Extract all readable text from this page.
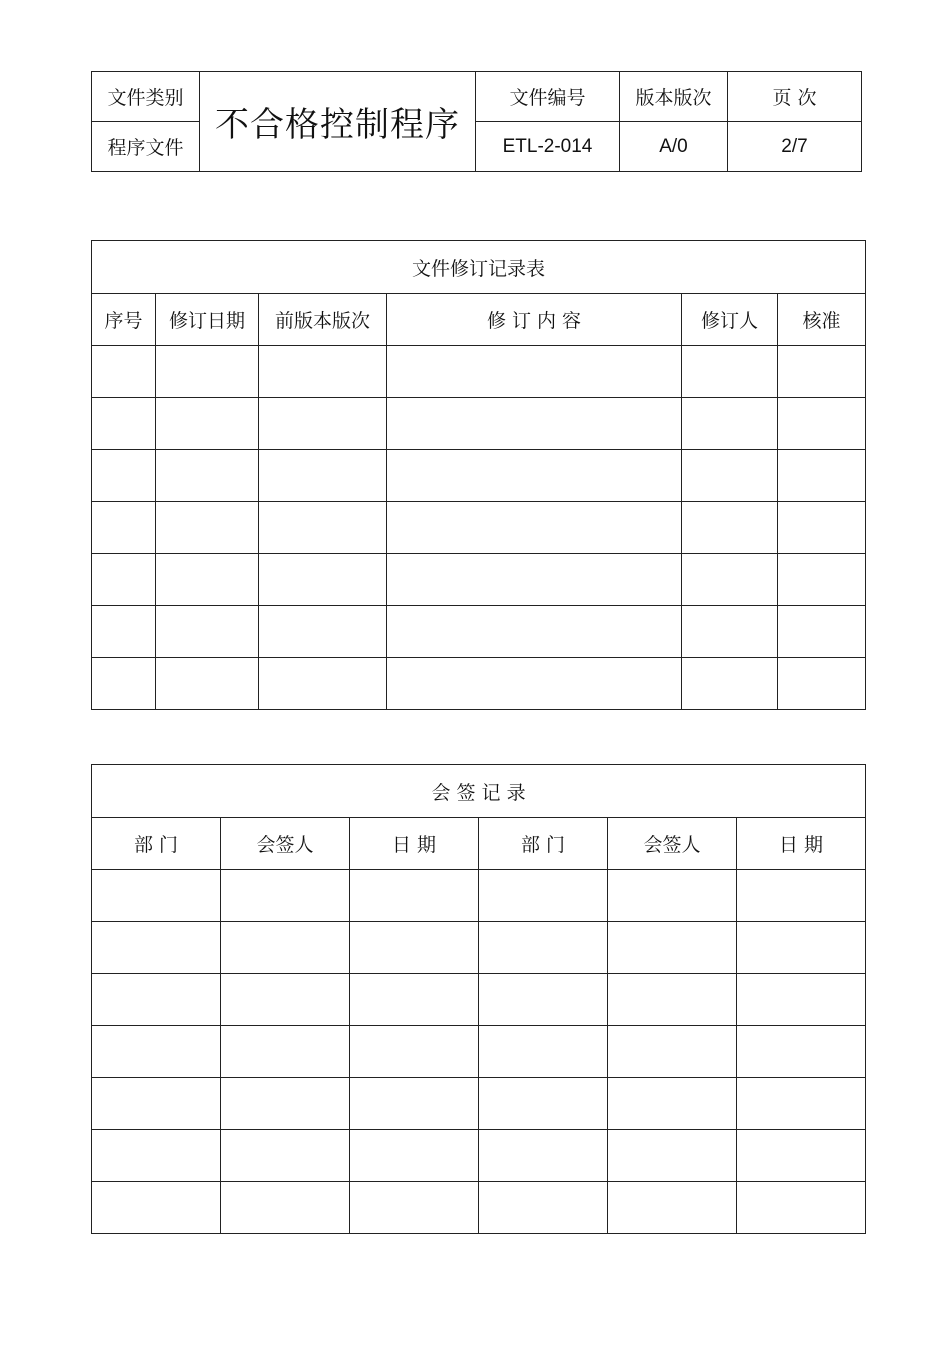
文件类别	不合格控制程序	文件编号	版本版次	页 次
程序文件		ETL-2-014	A/0	2/7
文件修订记录表					
序号	修订日期	前版本版次	修 订 内 容	修订人	核准

会 签 记 录					
部 门	会签人	日 期	部 门	会签人	日 期
